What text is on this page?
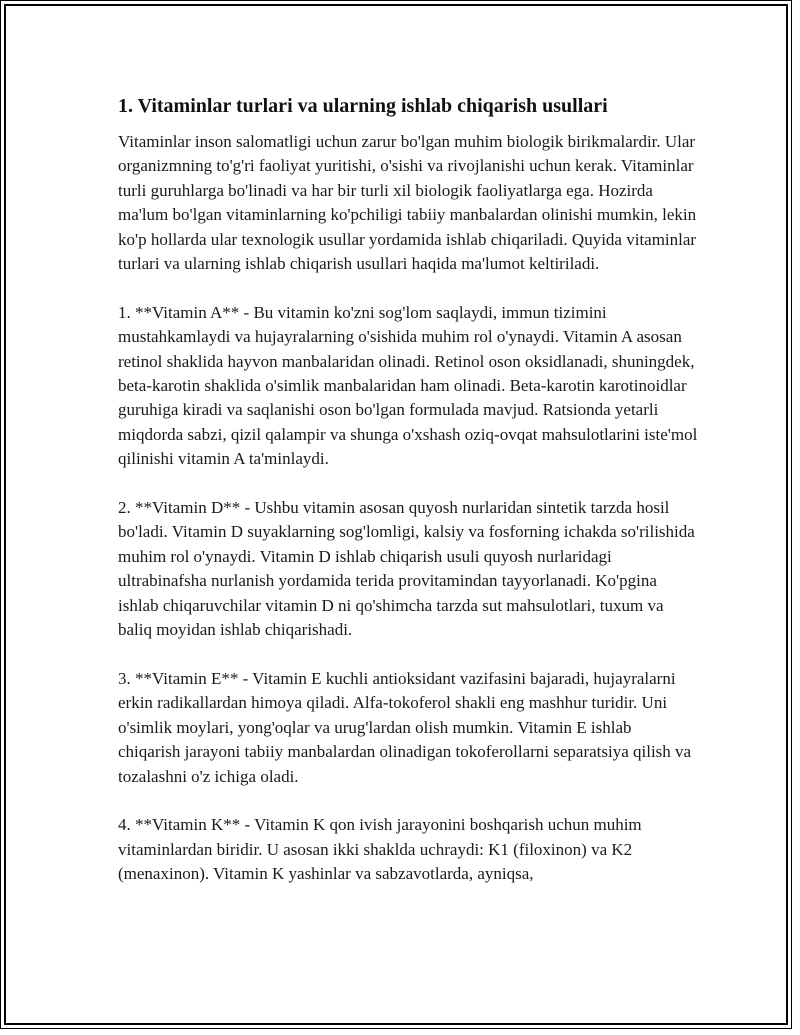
1. Vitaminlar turlari va ularning ishlab chiqarish usullari

Vitaminlar inson salomatligi uchun zarur bo'lgan muhim biologik birikmalardir. Ular organizmning to'g'ri faoliyat yuritishi, o'sishi va rivojlanishi uchun kerak. Vitaminlar turli guruhlarga bo'linadi va har bir turli xil biologik faoliyatlarga ega. Hozirda ma'lum bo'lgan vitaminlarning ko'pchiligi tabiiy manbalardan olinishi mumkin, lekin ko'p hollarda ular texnologik usullar yordamida ishlab chiqariladi. Quyida vitaminlar turlari va ularning ishlab chiqarish usullari haqida ma'lumot keltiriladi.

1. **Vitamin A** - Bu vitamin ko'zni sog'lom saqlaydi, immun tizimini mustahkamlaydi va hujayralarning o'sishida muhim rol o'ynaydi. Vitamin A asosan retinol shaklida hayvon manbalaridan olinadi. Retinol oson oksidlanadi, shuningdek, beta-karotin shaklida o'simlik manbalaridan ham olinadi. Beta-karotin karotinoidlar guruhiga kiradi va saqlanishi oson bo'lgan formulada mavjud. Ratsionda yetarli miqdorda sabzi, qizil qalampir va shunga o'xshash oziq-ovqat mahsulotlarini iste'mol qilinishi vitamin A ta'minlaydi.

2. **Vitamin D** - Ushbu vitamin asosan quyosh nurlaridan sintetik tarzda hosil bo'ladi. Vitamin D suyaklarning sog'lomligi, kalsiy va fosforning ichakda so'rilishida muhim rol o'ynaydi. Vitamin D ishlab chiqarish usuli quyosh nurlaridagi ultrabinafsha nurlanish yordamida terida provitamindan tayyorlanadi. Ko'pgina ishlab chiqaruvchilar vitamin D ni qo'shimcha tarzda sut mahsulotlari, tuxum va baliq moyidan ishlab chiqarishadi.

3. **Vitamin E** - Vitamin E kuchli antioksidant vazifasini bajaradi, hujayralarni erkin radikallardan himoya qiladi. Alfa-tokoferol shakli eng mashhur turidir. Uni o'simlik moylari, yong'oqlar va urug'lardan olish mumkin. Vitamin E ishlab chiqarish jarayoni tabiiy manbalardan olinadigan tokoferollarni separatsiya qilish va tozalashni o'z ichiga oladi.

4. **Vitamin K** - Vitamin K qon ivish jarayonini boshqarish uchun muhim vitaminlardan biridir. U asosan ikki shaklda uchraydi: K1 (filoxinon) va K2 (menaxinon). Vitamin K yashinlar va sabzavotlarda, ayniqsa,
